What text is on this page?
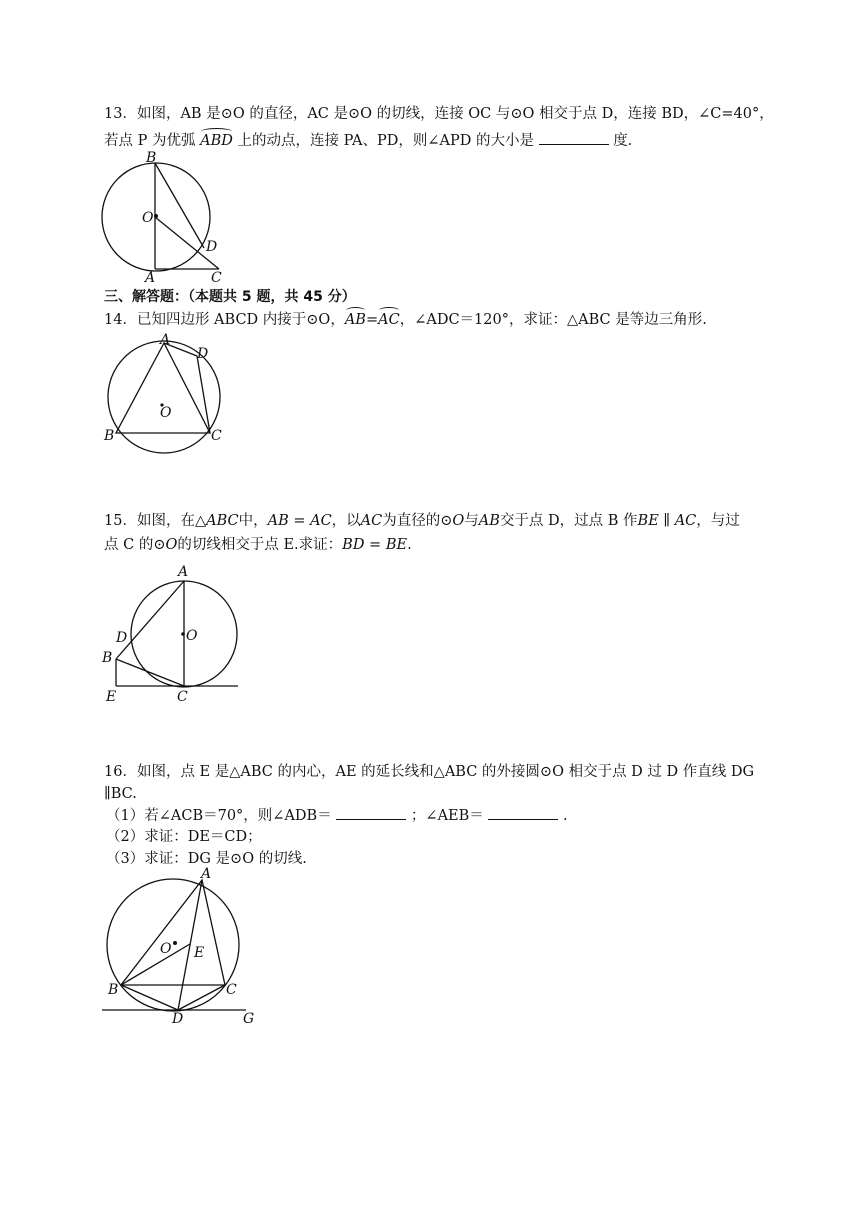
13．如图，AB 是⊙O 的直径，AC 是⊙O 的切线，连接 OC 与⊙O 相交于点 D，连接 BD，∠C=40°，
若点 P 为优弧 ABD 上的动点，连接 PA、PD，则∠APD 的大小是	度.
B
O
D
A	C
三、解答题：（本题共 5 题，共 45 分）
14．已知四边形 ABCD 内接于⊙O，AB=AC，∠ADC＝120°，求证：△ABC 是等边三角形.
A
D
O
B	C
15．如图，在△ABC中，AB = AC，以AC为直径的⊙O与AB交于点 D，过点 B 作BE ∥ AC，与过
点 C 的⊙O的切线相交于点 E.求证：BD = BE.
A
D	O
B
E	C
16．如图，点 E 是△ABC 的内心，AE 的延长线和△ABC 的外接圆⊙O 相交于点 D 过 D 作直线 DG
∥BC.
（1）若∠ACB＝70°，则∠ADB＝	；∠AEB＝	.
（2）求证：DE＝CD；
（3）求证：DG 是⊙O 的切线.
A
O E
B	C
D	G
